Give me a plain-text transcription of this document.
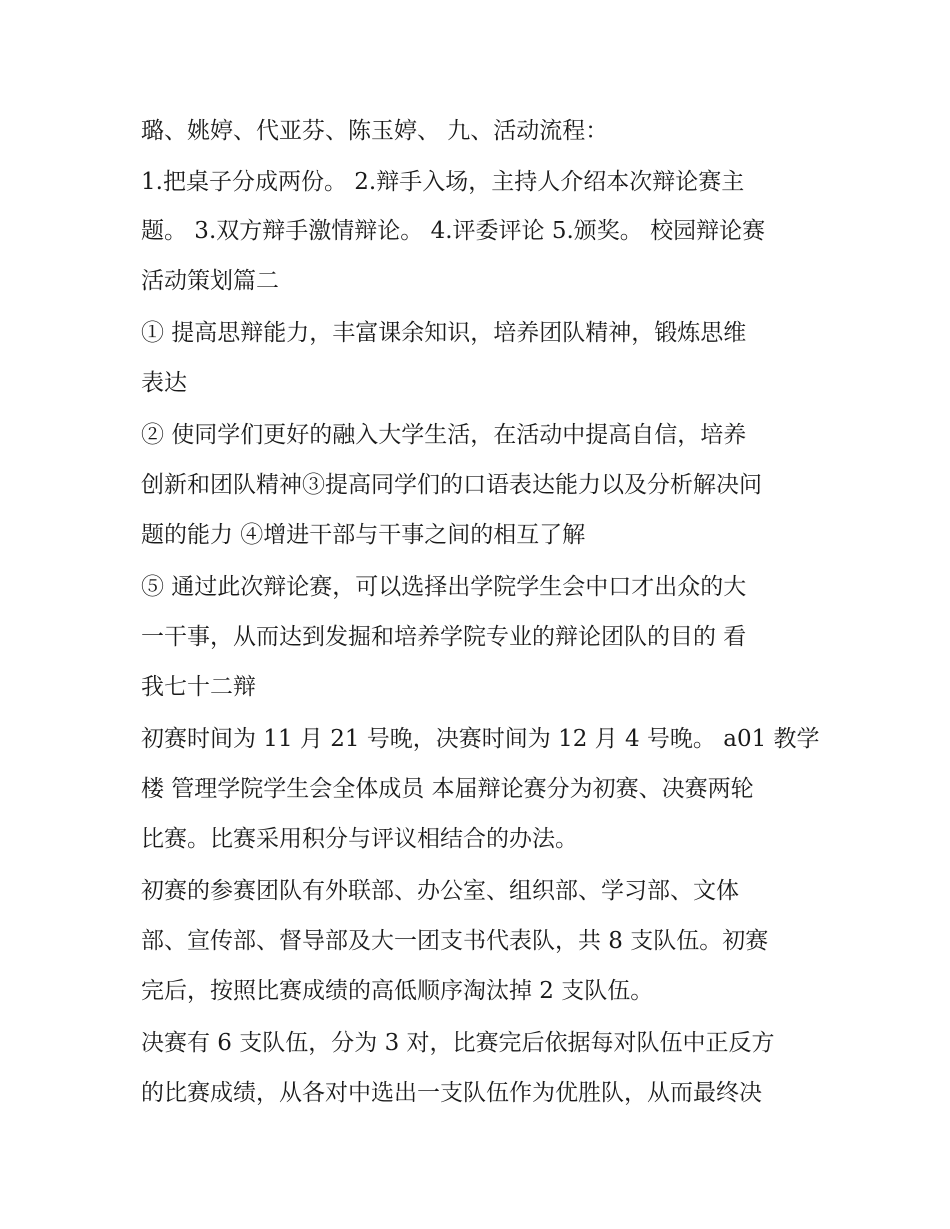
璐、姚婷、代亚芬、陈玉婷、 九、活动流程：
1.把桌子分成两份。 2.辩手入场，主持人介绍本次辩论赛主
题。 3.双方辩手激情辩论。 4.评委评论 5.颁奖。 校园辩论赛
活动策划篇二
① 提高思辩能力，丰富课余知识，培养团队精神，锻炼思维
表达
② 使同学们更好的融入大学生活，在活动中提高自信，培养
创新和团队精神③提高同学们的口语表达能力以及分析解决问
题的能力 ④增进干部与干事之间的相互了解
⑤ 通过此次辩论赛，可以选择出学院学生会中口才出众的大
一干事，从而达到发掘和培养学院专业的辩论团队的目的 看
我七十二辩
初赛时间为 11 月 21 号晚，决赛时间为 12 月 4 号晚。 a01 教学
楼 管理学院学生会全体成员 本届辩论赛分为初赛、决赛两轮
比赛。比赛采用积分与评议相结合的办法。
初赛的参赛团队有外联部、办公室、组织部、学习部、文体
部、宣传部、督导部及大一团支书代表队，共 8 支队伍。初赛
完后，按照比赛成绩的高低顺序淘汰掉 2 支队伍。
决赛有 6 支队伍，分为 3 对，比赛完后依据每对队伍中正反方
的比赛成绩，从各对中选出一支队伍作为优胜队，从而最终决
